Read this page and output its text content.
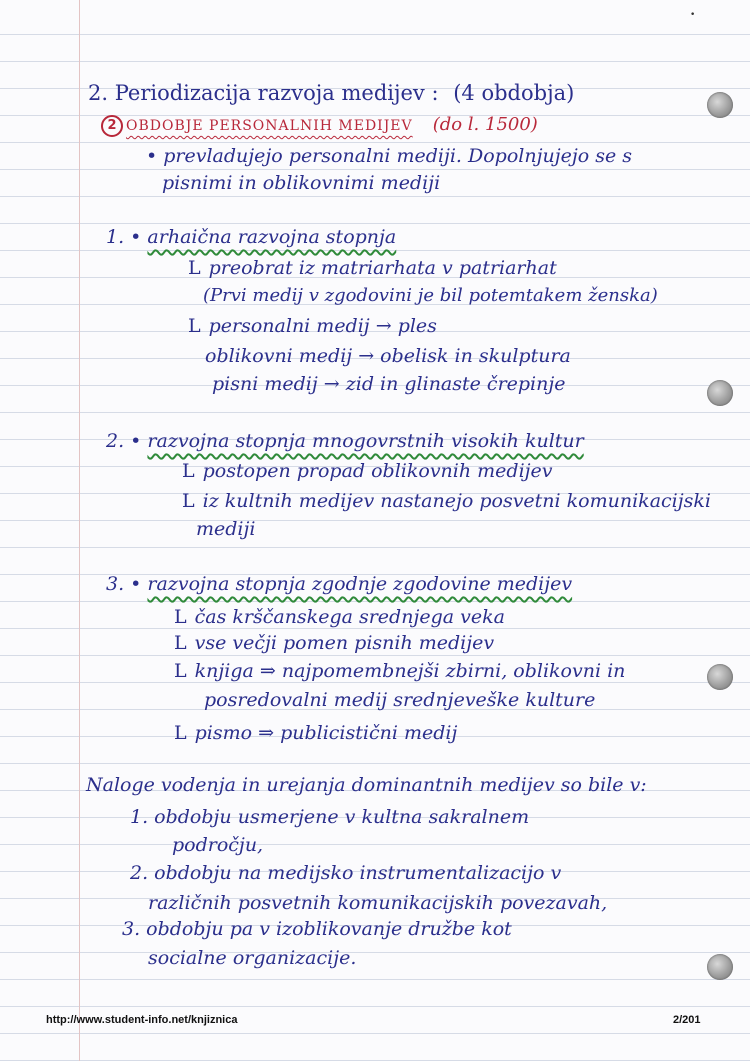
•
2. Periodizacija razvoja medijev : (4 obdobja)
2 OBDOBJE PERSONALNIH MEDIJEV (do l. 1500)
• prevladujejo personalni mediji. Dopolnjujejo se s
pisnimi in oblikovnimi mediji
1. • arhaična razvojna stopnja
L preobrat iz matriarhata v patriarhat
(Prvi medij v zgodovini je bil potemtakem ženska)
L personalni medij → ples
oblikovni medij → obelisk in skulptura
pisni medij → zid in glinaste črepinje
2. • razvojna stopnja mnogovrstnih visokih kultur
L postopen propad oblikovnih medijev
L iz kultnih medijev nastanejo posvetni komunikacijski
mediji
3. • razvojna stopnja zgodnje zgodovine medijev
L čas krščanskega srednjega veka
L vse večji pomen pisnih medijev
L knjiga ⇒ najpomembnejši zbirni, oblikovni in
posredovalni medij srednjeveške kulture
L pismo ⇒ publicistični medij
Naloge vodenja in urejanja dominantnih medijev so bile v:
1. obdobju usmerjene v kultna sakralnem
področju,
2. obdobju na medijsko instrumentalizacijo v
različnih posvetnih komunikacijskih povezavah,
3. obdobju pa v izoblikovanje družbe kot
socialne organizacije.
http://www.student-info.net/knjiznica	2/201
